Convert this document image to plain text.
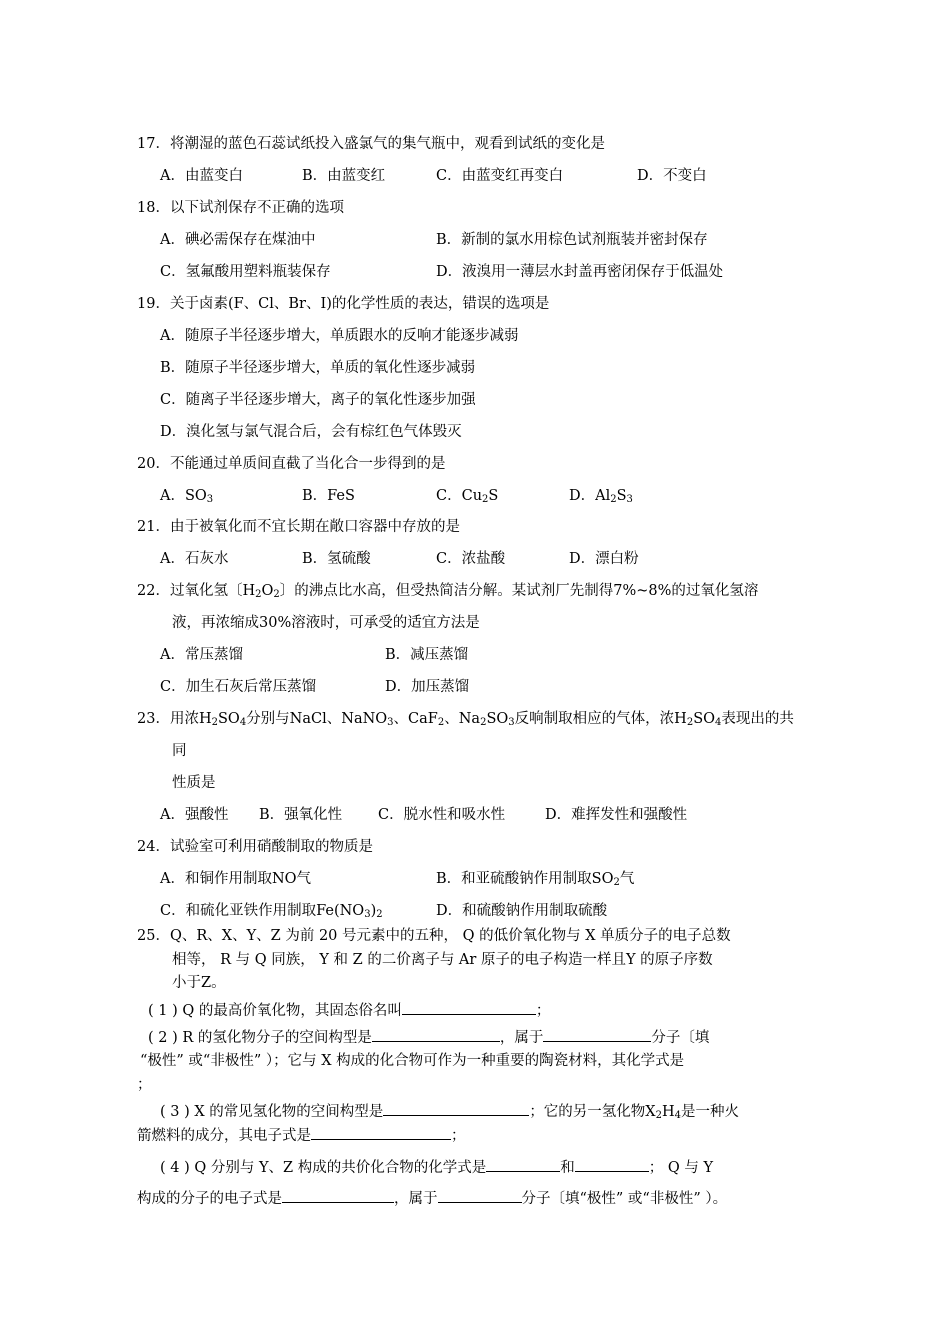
17．将潮湿的蓝色石蕊试纸投入盛氯气的集气瓶中，观看到试纸的变化是
A．由蓝变白	B．由蓝变红	C．由蓝变红再变白	D．不变白
18．以下试剂保存不正确的选项
A．碘必需保存在煤油中	B．新制的氯水用棕色试剂瓶装并密封保存
C．氢氟酸用塑料瓶装保存	D．液溴用一薄层水封盖再密闭保存于低温处
19．关于卤素(F、Cl、Br、I)的化学性质的表达，错误的选项是
A．随原子半径逐步增大，单质跟水的反响才能逐步减弱
B．随原子半径逐步增大，单质的氧化性逐步减弱
C．随离子半径逐步增大，离子的氧化性逐步加强
D．溴化氢与氯气混合后，会有棕红色气体毁灭
20．不能通过单质间直截了当化合一步得到的是
A．$SO_3$	B．FeS	C．$Cu_2S$	D．$Al_2S_3$
21．由于被氧化而不宜长期在敞口容器中存放的是
A．石灰水	B．氢硫酸	C．浓盐酸	D．漂白粉
22．过氧化氢〔$H_2O_2$〕的沸点比水高，但受热简洁分解。某试剂厂先制得7%~8%的过氧化氢溶
液，再浓缩成30%溶液时，可承受的适宜方法是
A．常压蒸馏	B．减压蒸馏
C．加生石灰后常压蒸馏	D．加压蒸馏
23．用浓$H_2SO_4$分别与NaCl、NaNO$_3$、CaF$_2$、$Na_2SO_3$反响制取相应的气体，浓$H_2SO_4$表现出的共
同
性质是
A．强酸性 B．强氧化性 C．脱水性和吸水性	D．难挥发性和强酸性
24．试验室可利用硝酸制取的物质是
A．和铜作用制取NO气	B．和亚硫酸钠作用制取$SO_2$气
C．和硫化亚铁作用制取$Fe(NO_3)_2$	D．和硫酸钠作用制取硫酸
25．Q、R、X、Y、Z 为前 20 号元素中的五种， Q 的低价氧化物与 X 单质分子的电子总数
相等， R 与 Q 同族， Y 和 Z 的二价离子与 Ar 原子的电子构造一样且Y 的原子序数
小于Z。
( 1 ) Q 的最高价氧化物，其固态俗名叫	；
( 2 ) R 的氢化物分子的空间构型是	，属于	分子〔填
“极性” 或“非极性” ）；它与 X 构成的化合物可作为一种重要的陶瓷材料，其化学式是
；
( 3 ) X 的常见氢化物的空间构型是	；它的另一氢化物$X_2H_4$是一种火
箭燃料的成分，其电子式是	；
( 4 ) Q 分别与 Y、Z 构成的共价化合物的化学式是	和	； Q 与 Y
构成的分子的电子式是	，属于	分子〔填“极性” 或“非极性” ）。
